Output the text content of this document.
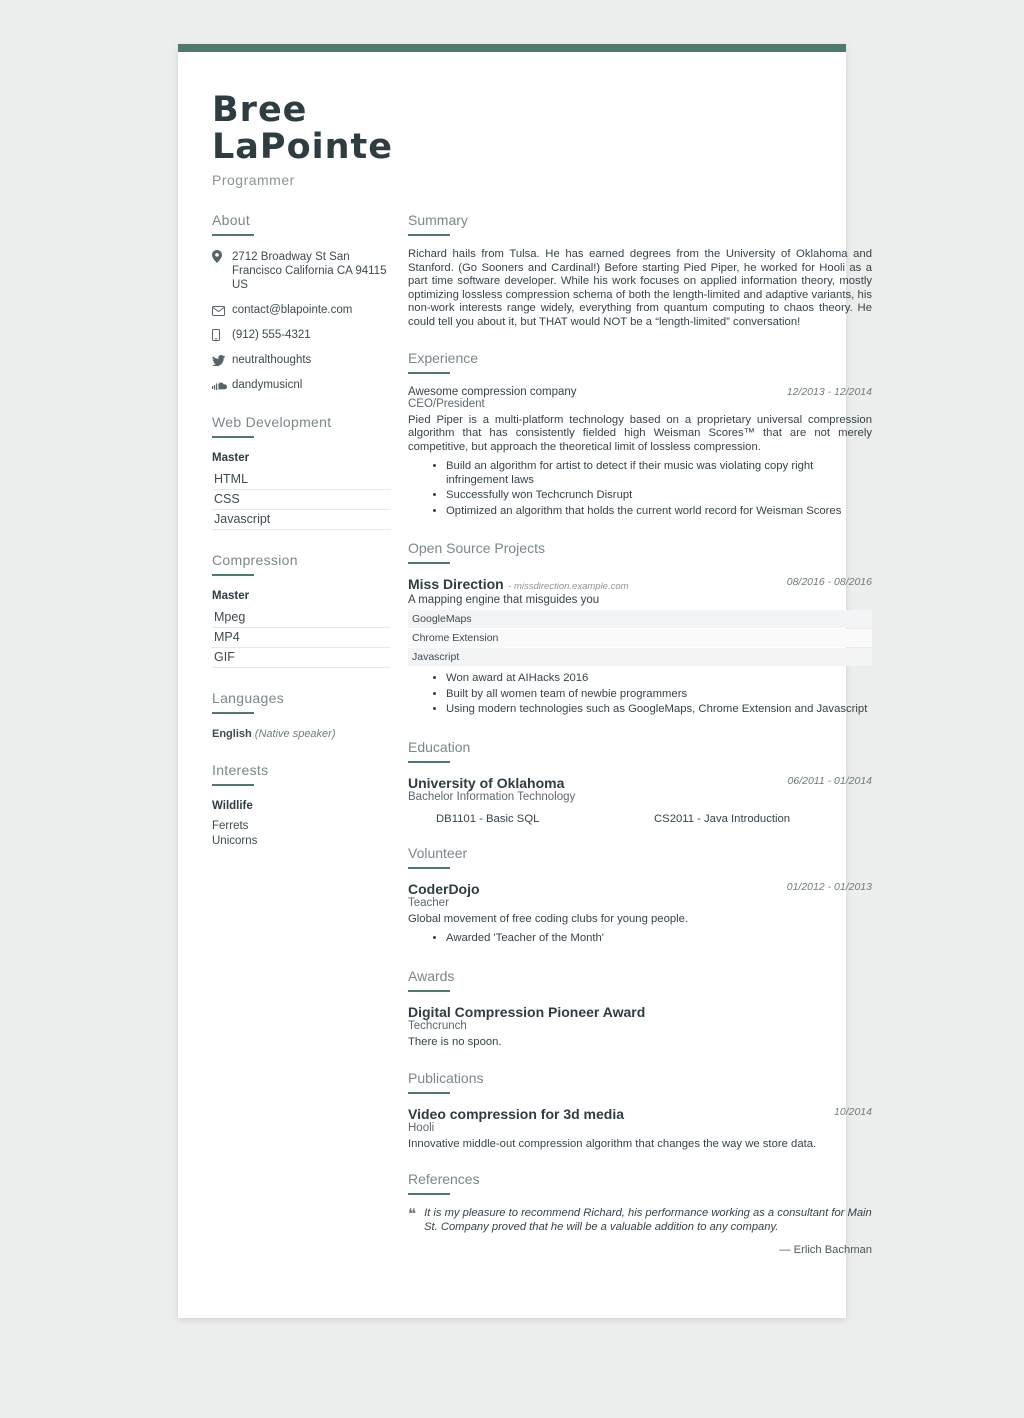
Bree
LaPointe
Programmer
About
2712 Broadway St San Francisco California CA 94115 US
contact@blapointe.com
(912) 555-4321
neutralthoughts
dandymusicnl
Web Development
Master
HTML
CSS
Javascript
Compression
Master
Mpeg
MP4
GIF
Languages
English (Native speaker)
Interests
Wildlife
Ferrets
Unicorns
Summary
Richard hails from Tulsa. He has earned degrees from the University of Oklahoma and Stanford. (Go Sooners and Cardinal!) Before starting Pied Piper, he worked for Hooli as a part time software developer. While his work focuses on applied information theory, mostly optimizing lossless compression schema of both the length-limited and adaptive variants, his non-work interests range widely, everything from quantum computing to chaos theory. He could tell you about it, but THAT would NOT be a “length-limited” conversation!
Experience
12/2013 - 12/2014
Awesome compression company
CEO/President
Pied Piper is a multi-platform technology based on a proprietary universal compression algorithm that has consistently fielded high Weisman Scores™ that are not merely competitive, but approach the theoretical limit of lossless compression.
• Build an algorithm for artist to detect if their music was violating copy right infringement laws
• Successfully won Techcrunch Disrupt
• Optimized an algorithm that holds the current world record for Weisman Scores
Open Source Projects
08/2016 - 08/2016
Miss Direction - missdirection.example.com
A mapping engine that misguides you
GoogleMaps
Chrome Extension
Javascript
• Won award at AIHacks 2016
• Built by all women team of newbie programmers
• Using modern technologies such as GoogleMaps, Chrome Extension and Javascript
Education
06/2011 - 01/2014
University of Oklahoma
Bachelor Information Technology
DB1101 - Basic SQL	CS2011 - Java Introduction
Volunteer
01/2012 - 01/2013
CoderDojo
Teacher
Global movement of free coding clubs for young people.
• Awarded 'Teacher of the Month'
Awards
Digital Compression Pioneer Award
Techcrunch
There is no spoon.
Publications
10/2014
Video compression for 3d media
Hooli
Innovative middle-out compression algorithm that changes the way we store data.
References
❝ It is my pleasure to recommend Richard, his performance working as a consultant for Main St. Company proved that he will be a valuable addition to any company.
— Erlich Bachman
